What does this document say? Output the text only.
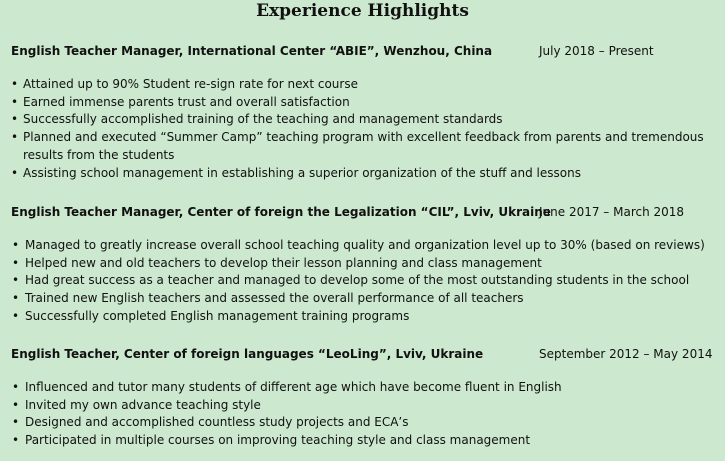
Experience Highlights
English Teacher Manager, International Center “ABIE”, Wenzhou, China	July 2018 – Present
• Attained up to 90% Student re-sign rate for next course
• Earned immense parents trust and overall satisfaction
• Successfully accomplished training of the teaching and management standards
• Planned and executed “Summer Camp” teaching program with excellent feedback from parents and tremendous results from the students
• Assisting school management in establishing a superior organization of the stuff and lessons
English Teacher Manager, Center of foreign the Legalization “CIL”, Lviv, Ukraine
June 2017 – March 2018
• Managed to greatly increase overall school teaching quality and organization level up to 30% (based on reviews)
• Helped new and old teachers to develop their lesson planning and class management
• Had great success as a teacher and managed to develop some of the most outstanding students in the school
• Trained new English teachers and assessed the overall performance of all teachers
• Successfully completed English management training programs
English Teacher, Center of foreign languages “LeoLing”, Lviv, Ukraine	September 2012 – May 2014
• Influenced and tutor many students of different age which have become fluent in English
• Invited my own advance teaching style
• Designed and accomplished countless study projects and ECA’s
• Participated in multiple courses on improving teaching style and class management
